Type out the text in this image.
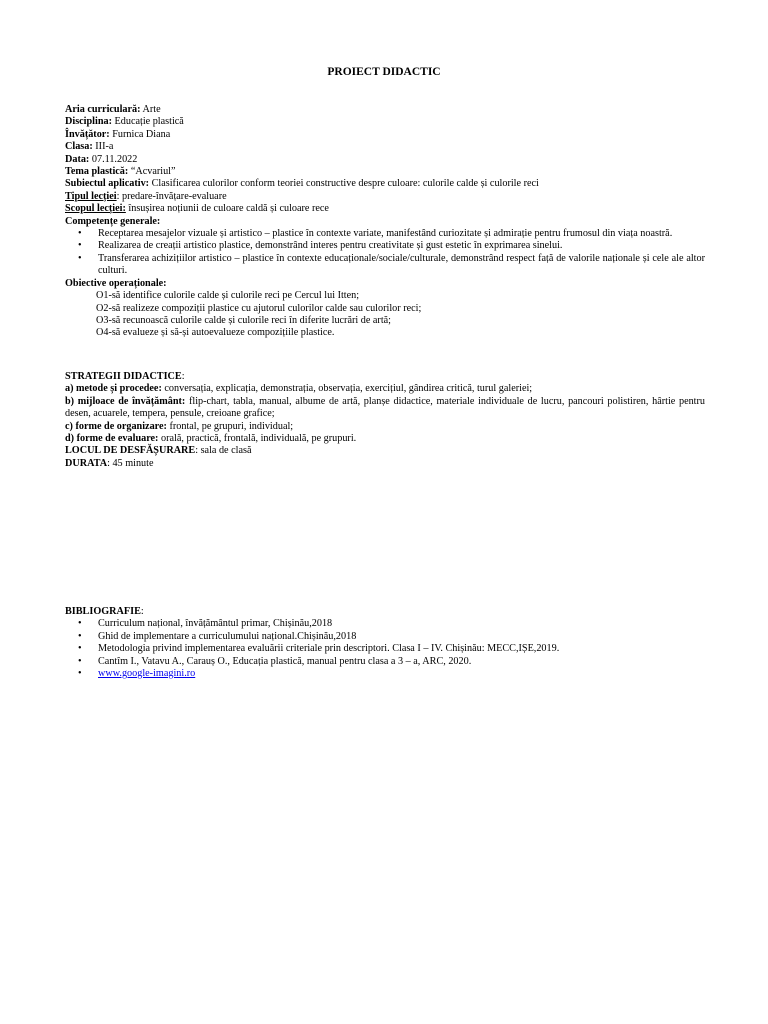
PROIECT DIDACTIC
Aria curriculară: Arte
Disciplina: Educație plastică
Învățător: Furnica Diana
Clasa: III-a
Data: 07.11.2022
Tema plastică: “Acvariul”
Subiectul aplicativ: Clasificarea culorilor conform teoriei constructive despre culoare: culorile calde și culorile reci
Tipul lecției: predare-învățare-evaluare
Scopul lecției: însușirea noțiunii de culoare caldă și culoare rece
Competențe generale:
• Receptarea mesajelor vizuale și artistico – plastice în contexte variate, manifestând curiozitate și admirație pentru frumosul din viața noastră.
• Realizarea de creații artistico plastice, demonstrând interes pentru creativitate și gust estetic în exprimarea sinelui.
• Transferarea achizițiilor artistico – plastice în contexte educaționale/sociale/culturale, demonstrând respect față de valorile naționale și cele ale altor culturi.
Obiective operaționale:
O1-să identifice culorile calde și culorile reci pe Cercul lui Itten;
O2-să realizeze compoziții plastice cu ajutorul culorilor calde sau culorilor reci;
O3-să recunoască culorile calde și culorile reci în diferite lucrări de artă;
O4-să evalueze și să-și autoevalueze compozițiile plastice.
STRATEGII DIDACTICE:
a) metode și procedee: conversația, explicația, demonstrația, observația, exercițiul, gândirea critică, turul galeriei;
b) mijloace de învățământ: flip-chart, tabla, manual, albume de artă, planșe didactice, materiale individuale de lucru, pancouri polistiren, hârtie pentru desen, acuarele, tempera, pensule, creioane grafice;
c) forme de organizare: frontal, pe grupuri, individual;
d) forme de evaluare: orală, practică, frontală, individuală, pe grupuri.
LOCUL DE DESFĂȘURARE: sala de clasă
DURATA: 45 minute
BIBLIOGRAFIE:
• Curriculum național, învățământul primar, Chișinău,2018
• Ghid de implementare a curriculumului național.Chișinău,2018
• Metodologia privind implementarea evaluării criteriale prin descriptori. Clasa I – IV. Chișinău: MECC,IȘE,2019.
• Cantîm I., Vatavu A., Carauș O., Educația plastică, manual pentru clasa a 3 – a, ARC, 2020.
• www.google-imagini.ro
